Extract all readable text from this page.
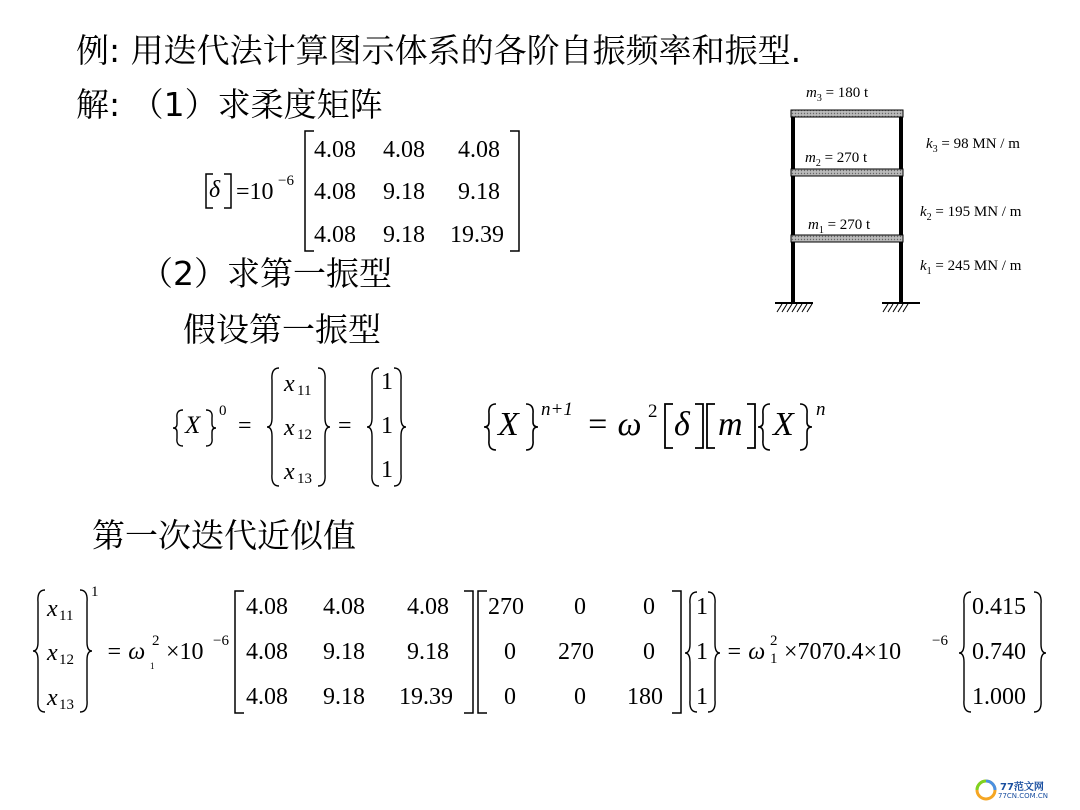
例: 用迭代法计算图示体系的各阶自振频率和振型.
解: （1）求柔度矩阵
（2）求第一振型
假设第一振型
第一次迭代近似值
δ =10 −6
4.08 4.08 4.08
4.08 9.18 9.18
4.08 9.18 19.39
X
0
=
x 11
x 12
x 13
=
1
1
1
X n+1 = ω 2 δ m X n
x 11
x 12
x 13
1
= ω 2
1
×10 −6
4.08 4.08 4.08
4.08 9.18 9.18
4.08 9.18 19.39
270 0 0
0 270 0
0 0 180
1
1
1
= ω 2
1 ×7070.4×10 −6
0.415
0.740
1.000
$m_3 = 180$ t
$m_2 = 270$ t
$m_1 = 270$ t
$k_3 = 98$ MN / m
$k_2 = 195$ MN / m
$k_1 = 245$ MN / m
77范文网
77CN.COM.CN
